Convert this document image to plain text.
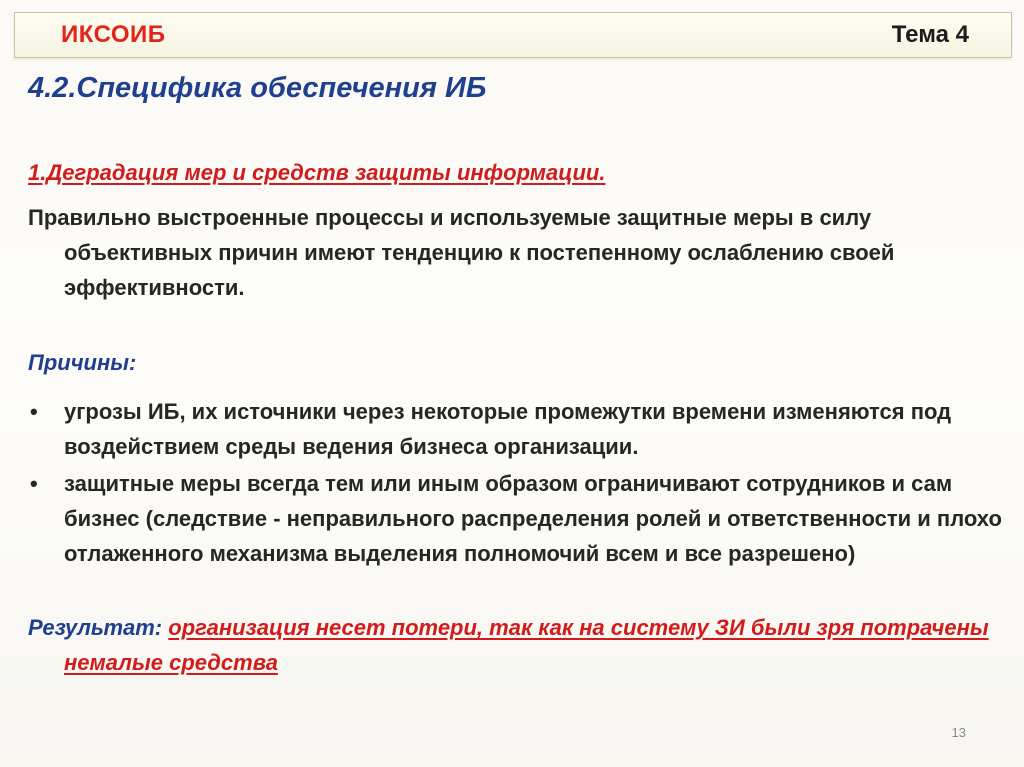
ИКСОИБ	Тема 4
4.2.Специфика обеспечения ИБ
1.Деградация мер и средств защиты информации.

Правильно выстроенные процессы и используемые защитные меры в силу объективных причин имеют тенденцию к постепенному ослаблению своей эффективности.

Причины:
• угрозы ИБ, их источники через некоторые промежутки времени изменяются под воздействием среды ведения бизнеса организации.
• защитные меры всегда тем или иным образом ограничивают сотрудников и сам бизнес (следствие - неправильного распределения ролей и ответственности и плохо отлаженного механизма выделения полномочий всем и все разрешено)
Результат: организация несет потери, так как на систему ЗИ были зря потрачены немалые средства
13
